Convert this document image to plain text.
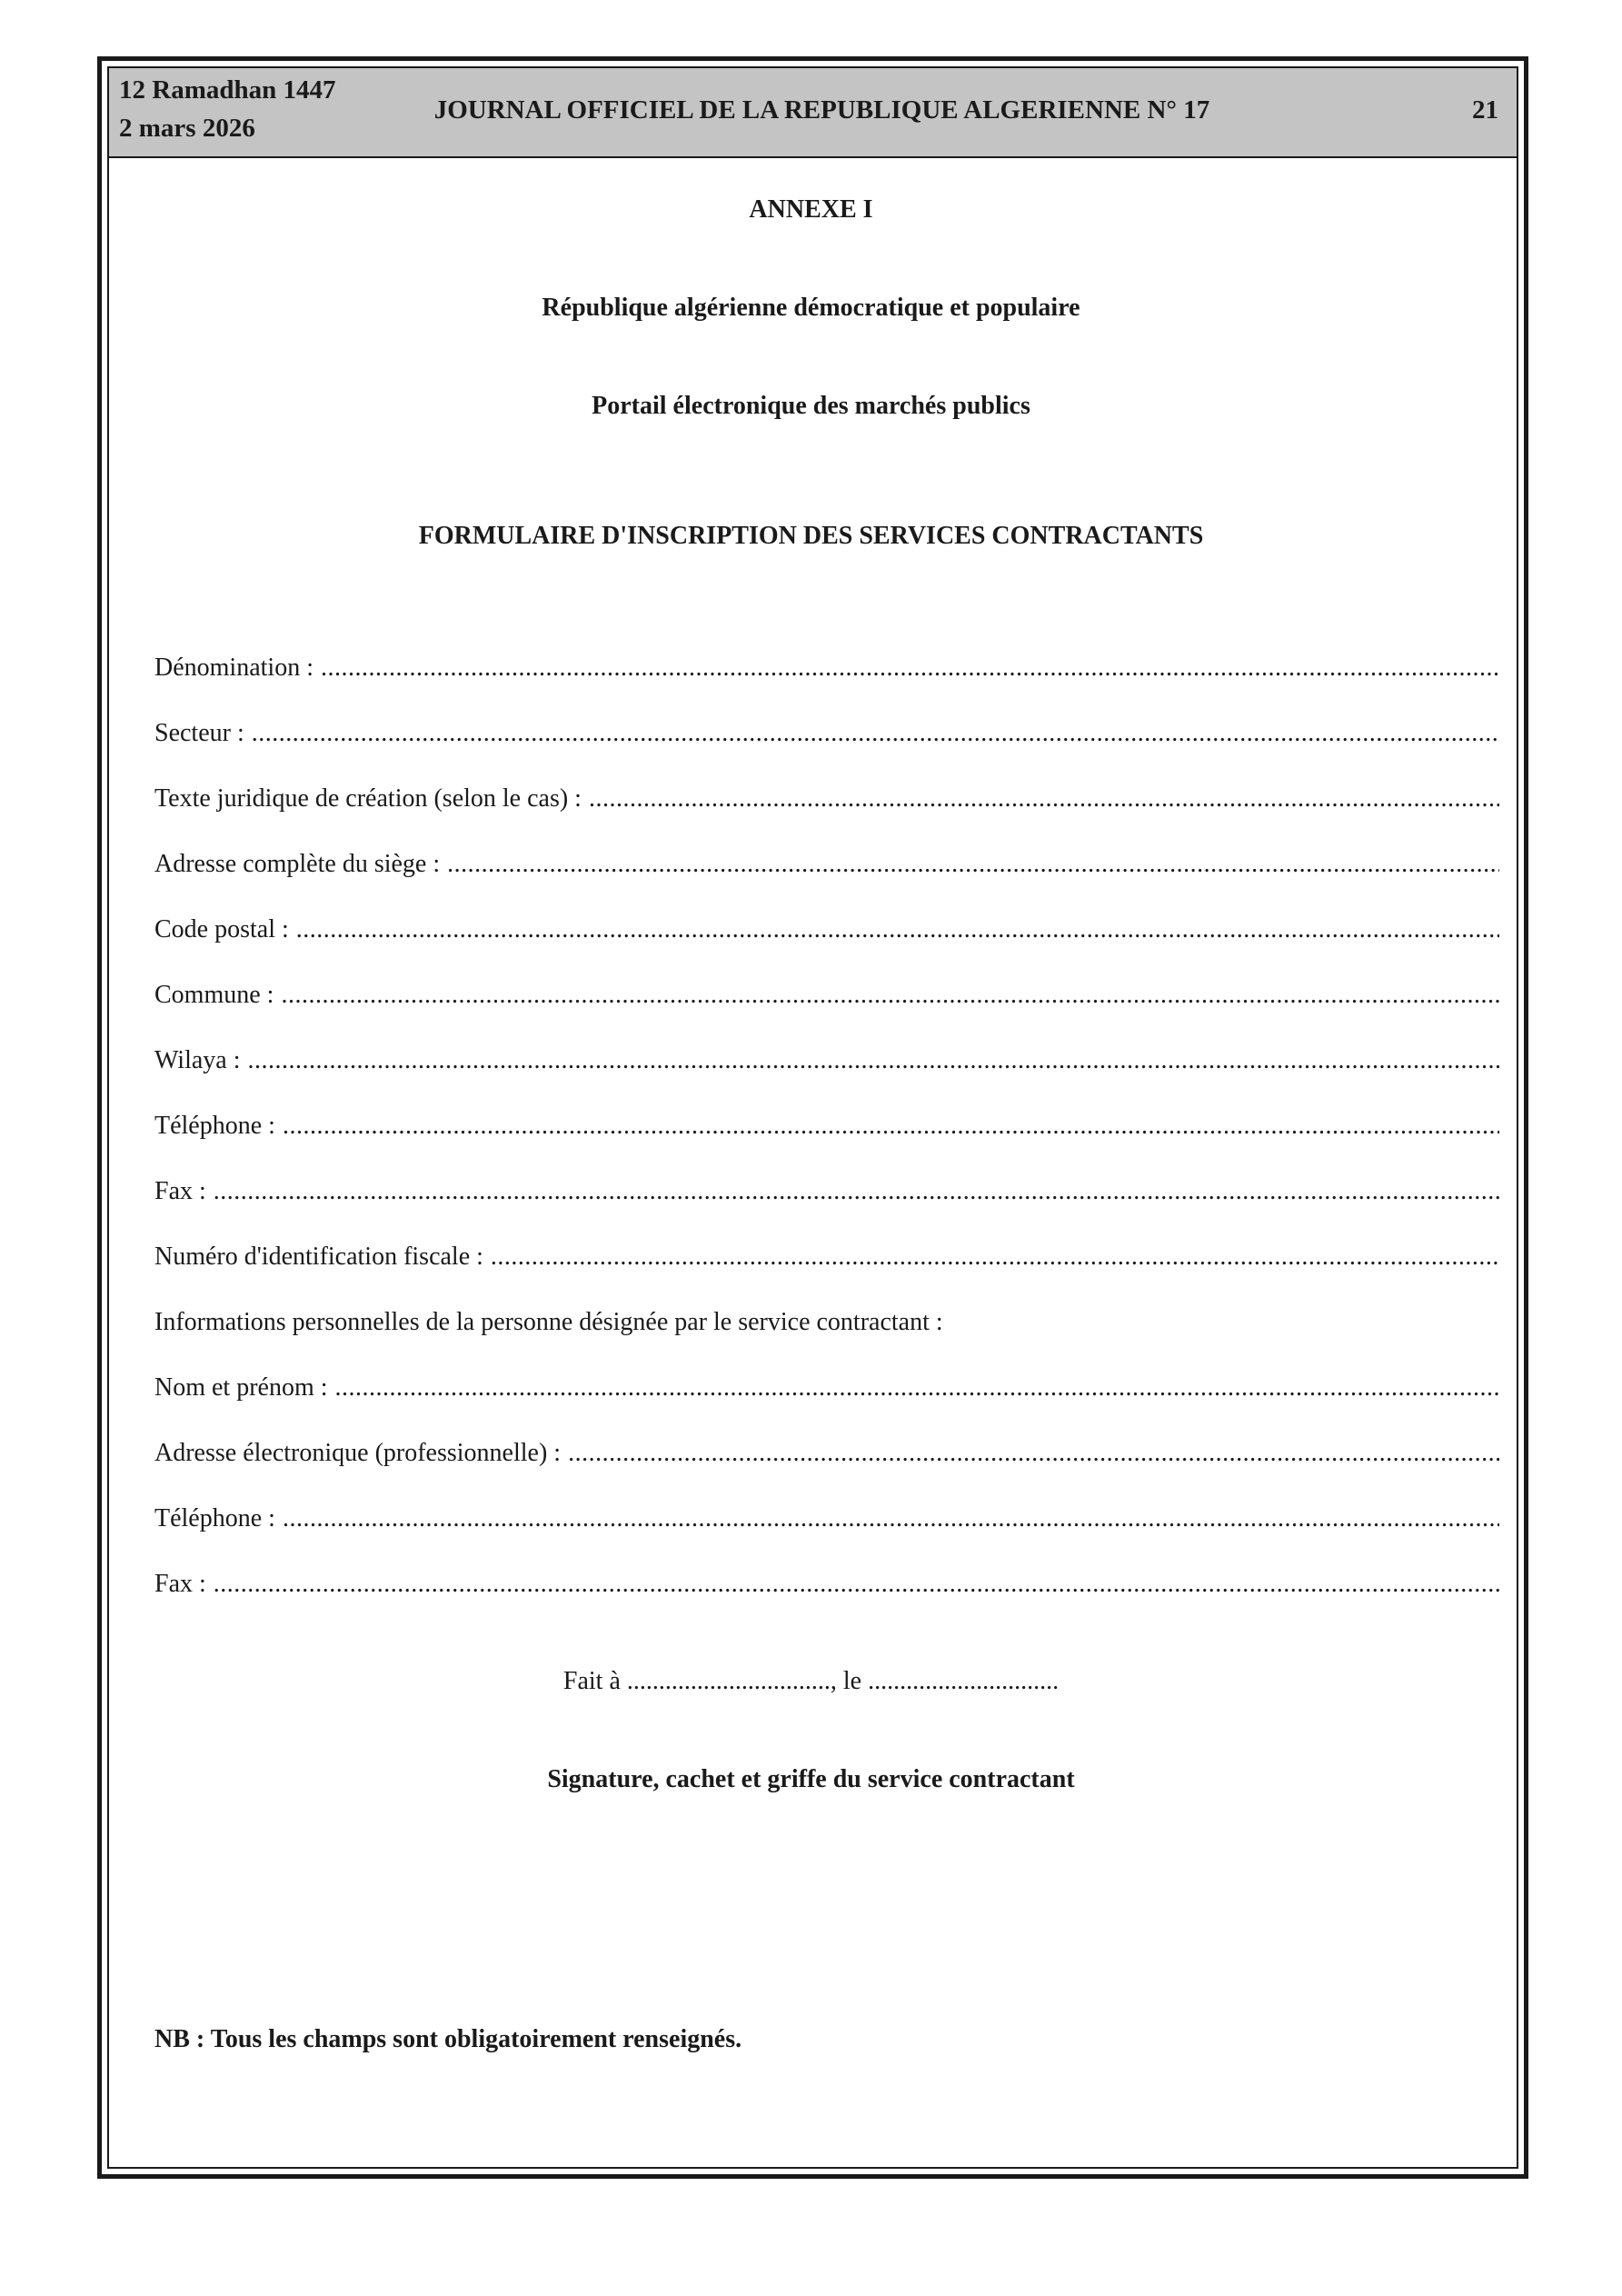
12 Ramadhan 1447
2 mars 2026
JOURNAL OFFICIEL DE LA REPUBLIQUE ALGERIENNE N° 17	21
ANNEXE I
République algérienne démocratique et populaire
Portail électronique des marchés publics
FORMULAIRE D'INSCRIPTION DES SERVICES CONTRACTANTS
Dénomination :
.....
Secteur :
.....
Texte juridique de création (selon le cas) :
.....
Adresse complète du siège :
.....
Code postal :
.....
Commune :
.....
Wilaya :
.....
Téléphone :
.....
Fax :
.....
Numéro d'identification fiscale :
.....
Informations personnelles de la personne désignée par le service contractant :
Nom et prénom :
.....
Adresse électronique (professionnelle) :
.....
Téléphone :
.....
Fax :
.....
Fait à ................................, le ..............................
Signature, cachet et griffe du service contractant
NB : Tous les champs sont obligatoirement renseignés.
